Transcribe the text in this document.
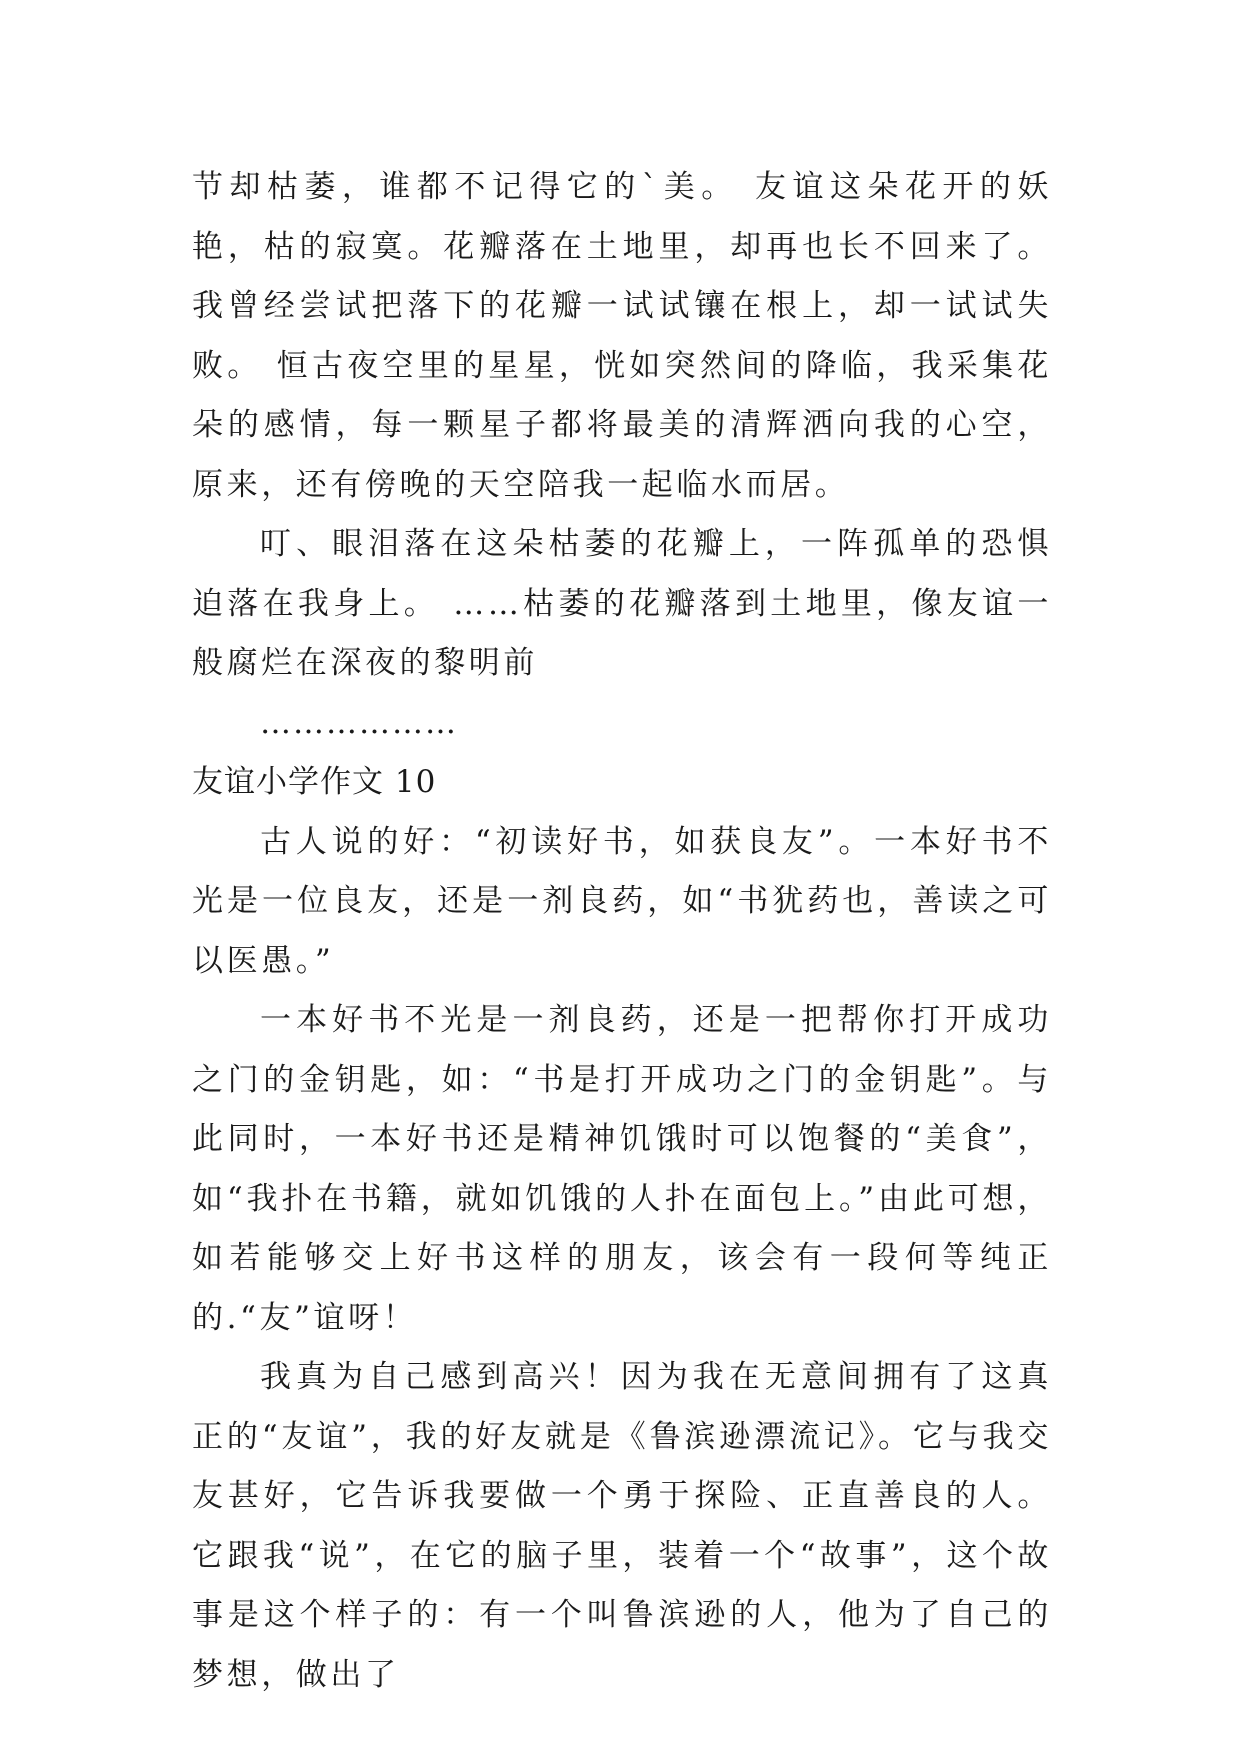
节却枯萎，谁都不记得它的`美。 友谊这朵花开的妖艳，枯的寂寞。花瓣落在土地里，却再也长不回来了。我曾经尝试把落下的花瓣一试试镶在根上，却一试试失败。 恒古夜空里的星星，恍如突然间的降临，我采集花朵的感情，每一颗星子都将最美的清辉洒向我的心空，原来，还有傍晚的天空陪我一起临水而居。

叮、眼泪落在这朵枯萎的花瓣上，一阵孤单的恐惧迫落在我身上。 ……枯萎的花瓣落到土地里，像友谊一般腐烂在深夜的黎明前

………………

友谊小学作文 10

古人说的好：“初读好书，如获良友”。一本好书不光是一位良友，还是一剂良药，如“书犹药也，善读之可以医愚。”

一本好书不光是一剂良药，还是一把帮你打开成功之门的金钥匙，如：“书是打开成功之门的金钥匙”。与此同时，一本好书还是精神饥饿时可以饱餐的“美食”，如“我扑在书籍，就如饥饿的人扑在面包上。”由此可想，如若能够交上好书这样的朋友，该会有一段何等纯正的.“友”谊呀！

我真为自己感到高兴！因为我在无意间拥有了这真正的“友谊”，我的好友就是《鲁滨逊漂流记》。它与我交友甚好，它告诉我要做一个勇于探险、正直善良的人。它跟我“说”，在它的脑子里，装着一个“故事”，这个故事是这个样子的：有一个叫鲁滨逊的人，他为了自己的梦想，做出了
